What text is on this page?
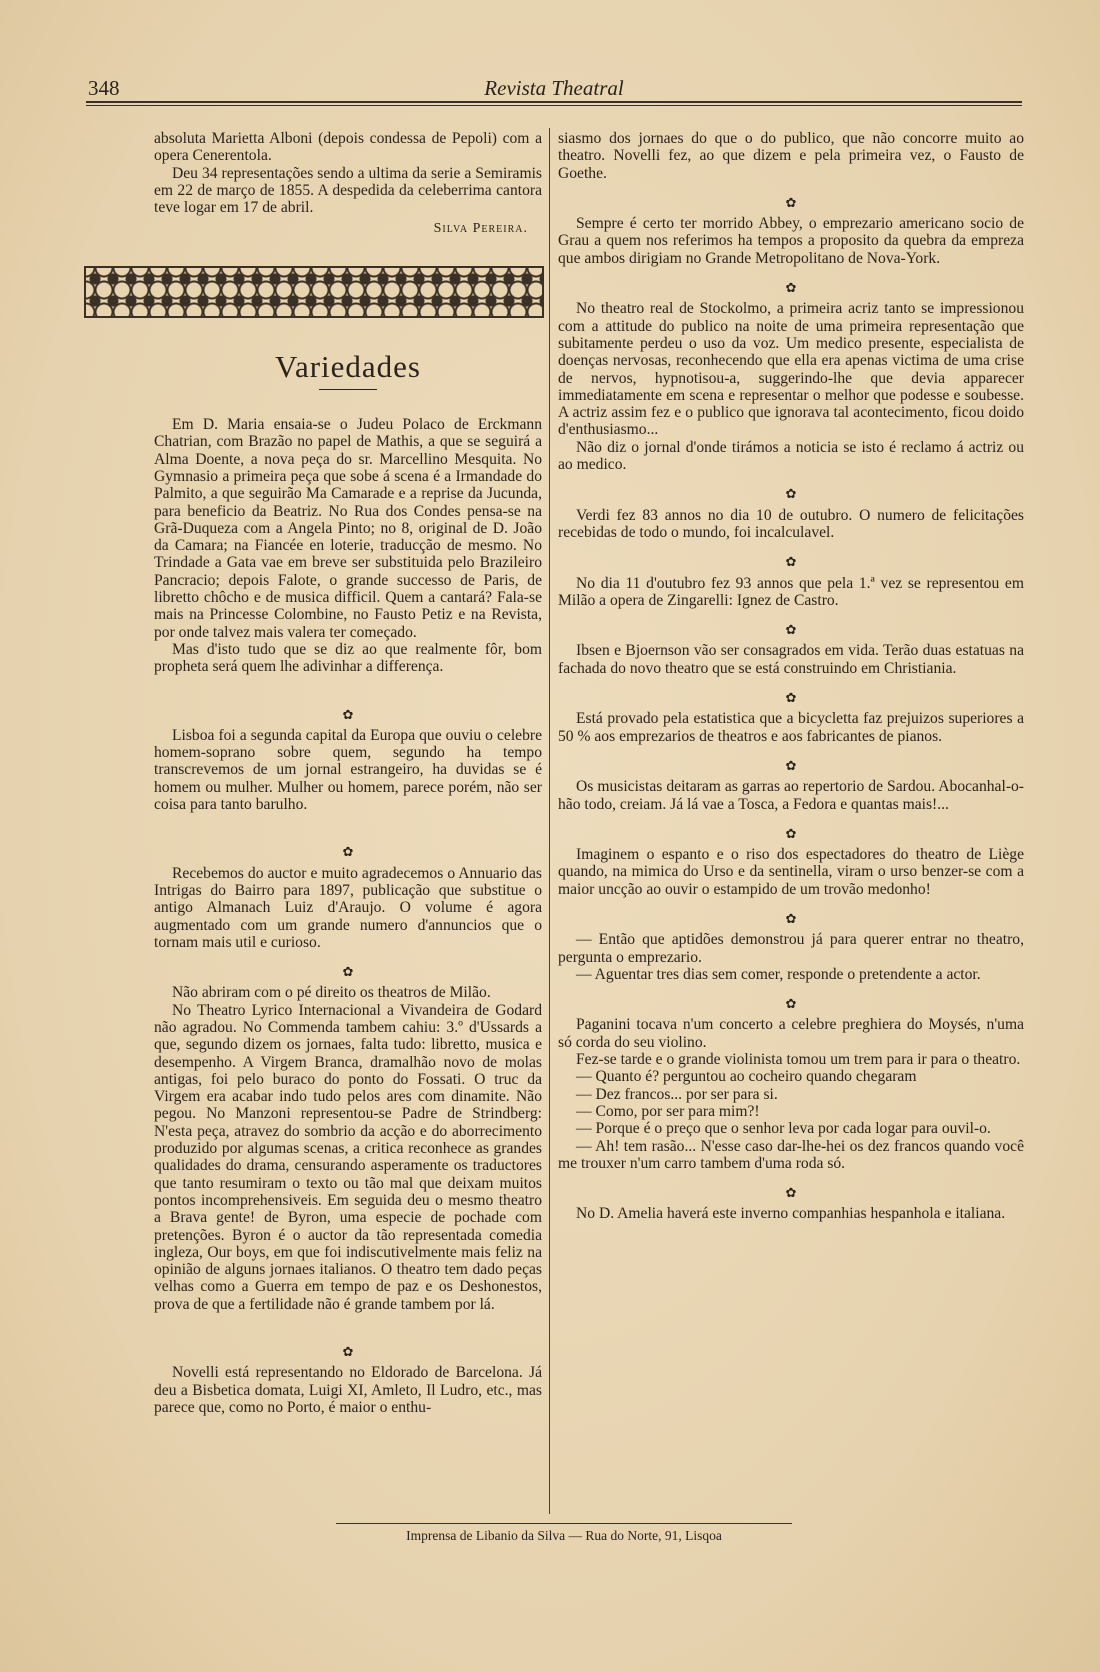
348	Revista Theatral

absoluta Marietta Alboni (depois condessa de Pepoli) com a opera Cenerentola.

Deu 34 representações sendo a ultima da serie a Semiramis em 22 de março de 1855. A despedida da celeberrima cantora teve logar em 17 de abril.

Silva Pereira.

Variedades

Em D. Maria ensaia-se o Judeu Polaco de Erckmann Chatrian, com Brazão no papel de Mathis, a que se seguirá a Alma Doente, a nova peça do sr. Marcellino Mesquita. No Gymnasio a primeira peça que sobe á scena é a Irmandade do Palmito, a que seguirão Ma Camarade e a reprise da Jucunda, para beneficio da Beatriz. No Rua dos Condes pensa-se na Grã-Duqueza com a Angela Pinto; no 8, original de D. João da Camara; na Fiancée en loterie, traducção de mesmo. No Trindade a Gata vae em breve ser substituida pelo Brazileiro Pancracio; depois Falote, o grande successo de Paris, de libretto chôcho e de musica difficil. Quem a cantará? Fala-se mais na Princesse Colombine, no Fausto Petiz e na Revista, por onde talvez mais valera ter começado.

Mas d'isto tudo que se diz ao que realmente fôr, bom propheta será quem lhe adivinhar a differença.

✿

Lisboa foi a segunda capital da Europa que ouviu o celebre homem-soprano sobre quem, segundo ha tempo transcrevemos de um jornal estrangeiro, ha duvidas se é homem ou mulher. Mulher ou homem, parece porém, não ser coisa para tanto barulho.

✿

Recebemos do auctor e muito agradecemos o Annuario das Intrigas do Bairro para 1897, publicação que substitue o antigo Almanach Luiz d'Araujo. O volume é agora augmentado com um grande numero d'annuncios que o tornam mais util e curioso.

✿

Não abriram com o pé direito os theatros de Milão.

No Theatro Lyrico Internacional a Vivandeira de Godard não agradou. No Commenda tambem cahiu: 3.º d'Ussards a que, segundo dizem os jornaes, falta tudo: libretto, musica e desempenho. A Virgem Branca, dramalhão novo de molas antigas, foi pelo buraco do ponto do Fossati. O truc da Virgem era acabar indo tudo pelos ares com dinamite. Não pegou. No Manzoni representou-se Padre de Strindberg: N'esta peça, atravez do sombrio da acção e do aborrecimento produzido por algumas scenas, a critica reconhece as grandes qualidades do drama, censurando asperamente os traductores que tanto resumiram o texto ou tão mal que deixam muitos pontos incomprehensiveis. Em seguida deu o mesmo theatro a Brava gente! de Byron, uma especie de pochade com pretenções. Byron é o auctor da tão representada comedia ingleza, Our boys, em que foi indiscutivelmente mais feliz na opinião de alguns jornaes italianos. O theatro tem dado peças velhas como a Guerra em tempo de paz e os Deshonestos, prova de que a fertilidade não é grande tambem por lá.

✿

Novelli está representando no Eldorado de Barcelona. Já deu a Bisbetica domata, Luigi XI, Amleto, Il Ludro, etc., mas parece que, como no Porto, é maior o enthu-

siasmo dos jornaes do que o do publico, que não concorre muito ao theatro. Novelli fez, ao que dizem e pela primeira vez, o Fausto de Goethe.

✿

Sempre é certo ter morrido Abbey, o emprezario americano socio de Grau a quem nos referimos ha tempos a proposito da quebra da empreza que ambos dirigiam no Grande Metropolitano de Nova-York.

✿

No theatro real de Stockolmo, a primeira acriz tanto se impressionou com a attitude do publico na noite de uma primeira representação que subitamente perdeu o uso da voz. Um medico presente, especialista de doenças nervosas, reconhecendo que ella era apenas victima de uma crise de nervos, hypnotisou-a, suggerindo-lhe que devia apparecer immediatamente em scena e representar o melhor que podesse e soubesse. A actriz assim fez e o publico que ignorava tal acontecimento, ficou doido d'enthusiasmo...

Não diz o jornal d'onde tirámos a noticia se isto é reclamo á actriz ou ao medico.

✿

Verdi fez 83 annos no dia 10 de outubro. O numero de felicitações recebidas de todo o mundo, foi incalculavel.

✿

No dia 11 d'outubro fez 93 annos que pela 1.ª vez se representou em Milão a opera de Zingarelli: Ignez de Castro.

✿

Ibsen e Bjoernson vão ser consagrados em vida. Terão duas estatuas na fachada do novo theatro que se está construindo em Christiania.

✿

Está provado pela estatistica que a bicycletta faz prejuizos superiores a 50 % aos emprezarios de theatros e aos fabricantes de pianos.

✿

Os musicistas deitaram as garras ao repertorio de Sardou. Abocanhal-o-hão todo, creiam. Já lá vae a Tosca, a Fedora e quantas mais!...

✿

Imaginem o espanto e o riso dos espectadores do theatro de Liège quando, na mimica do Urso e da sentinella, viram o urso benzer-se com a maior uncção ao ouvir o estampido de um trovão medonho!

✿

— Então que aptidões demonstrou já para querer entrar no theatro, pergunta o emprezario.

— Aguentar tres dias sem comer, responde o pretendente a actor.

✿

Paganini tocava n'um concerto a celebre preghiera do Moysés, n'uma só corda do seu violino.

Fez-se tarde e o grande violinista tomou um trem para ir para o theatro.

— Quanto é? perguntou ao cocheiro quando chegaram

— Dez francos... por ser para si.

— Como, por ser para mim?!

— Porque é o preço que o senhor leva por cada logar para ouvil-o.

— Ah! tem rasão... N'esse caso dar-lhe-hei os dez francos quando você me trouxer n'um carro tambem d'uma roda só.

✿

No D. Amelia haverá este inverno companhias hespanhola e italiana.

Imprensa de Libanio da Silva — Rua do Norte, 91, Lisqoa
